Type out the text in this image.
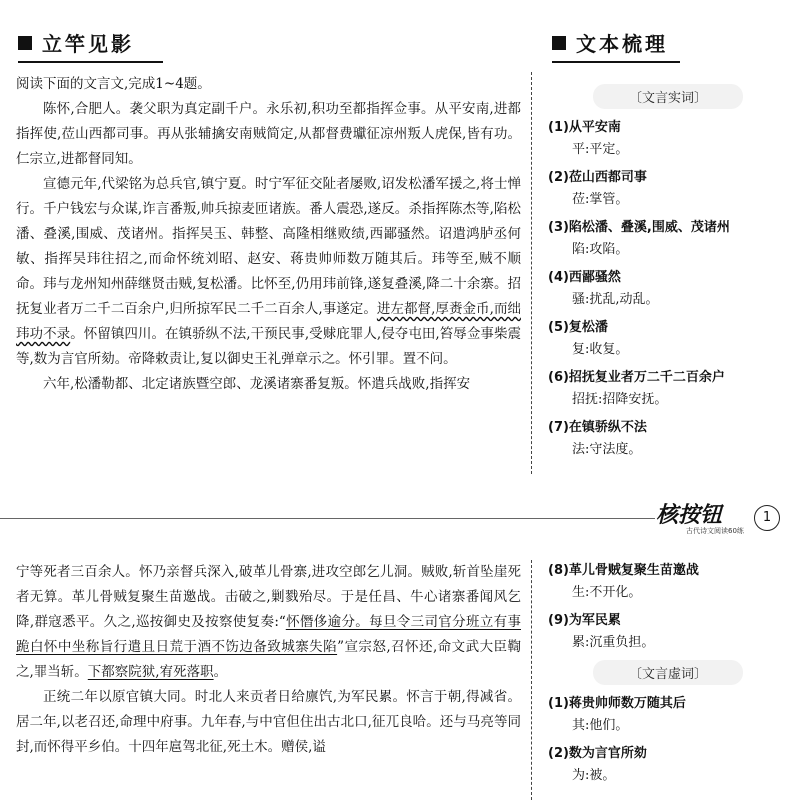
立竿见影	文本梳理

阅读下面的文言文,完成1~4题。

陈怀,合肥人。袭父职为真定副千户。永乐初,积功至都指挥佥事。从平安南,进都指挥使,莅山西都司事。再从张辅擒安南贼简定,从都督费瓛征凉州叛人虎保,皆有功。仁宗立,进都督同知。

宣德元年,代梁铭为总兵官,镇宁夏。时宁军征交阯者屡败,诏发松潘军援之,将士惮行。千户钱宏与众谋,诈言番叛,帅兵掠麦匝诸族。番人震恐,遂反。杀指挥陈杰等,陷松潘、叠溪,围威、茂诸州。指挥吴玉、韩整、高隆相继败绩,西鄙骚然。诏遣鸿胪丞何敏、指挥吴玮往招之,而命怀统刘昭、赵安、蒋贵帅师数万随其后。玮等至,贼不顺命。玮与龙州知州薛继贤击贼,复松潘。比怀至,仍用玮前锋,遂复叠溪,降二十余寨。招抚复业者万二千二百余户,归所掠军民二千二百余人,事遂定。进左都督,厚赉金币,而绌玮功不录。怀留镇四川。在镇骄纵不法,干预民事,受赇庇罪人,侵夺屯田,笞辱佥事柴震等,数为言官所劾。帝降敕责让,复以御史王礼弹章示之。怀引罪。置不问。

六年,松潘勒都、北定诸族暨空郎、龙溪诸寨番复叛。怀遣兵战败,指挥安

〔文言实词〕
(1)从平安南
平:平定。
(2)莅山西都司事
莅:掌管。
(3)陷松潘、叠溪,围威、茂诸州
陷:攻陷。
(4)西鄙骚然
骚:扰乱,动乱。
(5)复松潘
复:收复。
(6)招抚复业者万二千二百余户
招抚:招降安抚。
(7)在镇骄纵不法
法:守法度。
核按钮
古代诗文阅读60练
1

宁等死者三百余人。怀乃亲督兵深入,破革儿骨寨,进攻空郎乞儿洞。贼败,斩首坠崖死者无算。革儿骨贼复聚生苗邀战。击破之,剿戮殆尽。于是任昌、牛心诸寨番闻风乞降,群寇悉平。久之,巡按御史及按察使复奏:“怀僭侈逾分。每旦令三司官分班立有事跪白怀中坐称旨行遣且日荒于酒不饬边备致城寨失陷”宣宗怒,召怀还,命文武大臣鞫之,罪当斩。下都察院狱,宥死落职。

正统二年以原官镇大同。时北人来贡者日给廪饩,为军民累。怀言于朝,得减省。居二年,以老召还,命理中府事。九年春,与中官但住出古北口,征兀良哈。还与马亮等同封,而怀得平乡伯。十四年扈驾北征,死土木。赠侯,谥

(8)革儿骨贼复聚生苗邀战
生:不开化。
(9)为军民累
累:沉重负担。
〔文言虚词〕
(1)蒋贵帅师数万随其后
其:他们。
(2)数为言官所劾
为:被。
